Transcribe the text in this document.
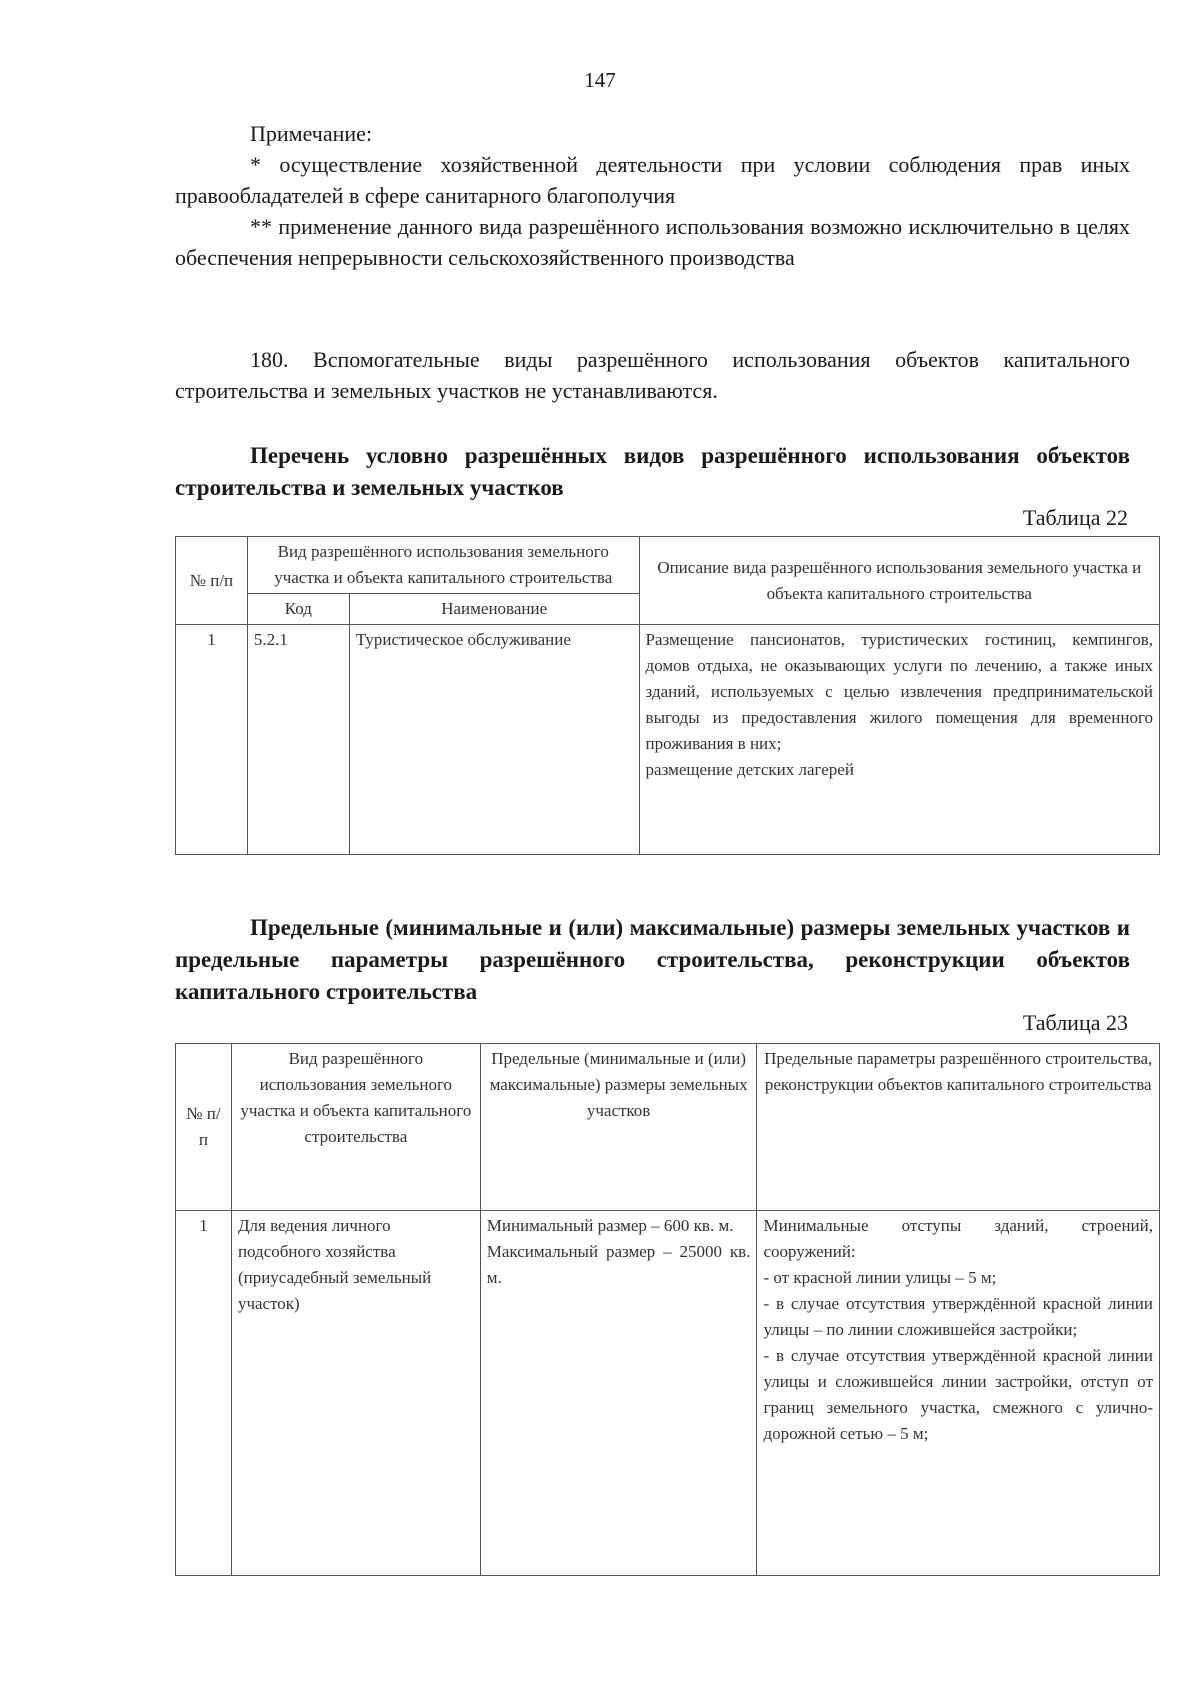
147
Примечание:
* осуществление хозяйственной деятельности при условии соблюдения прав иных правообладателей в сфере санитарного благополучия
** применение данного вида разрешённого использования возможно исключительно в целях обеспечения непрерывности сельскохозяйственного производства
180. Вспомогательные виды разрешённого использования объектов капитального строительства и земельных участков не устанавливаются.
Перечень условно разрешённых видов разрешённого использования объектов строительства и земельных участков
Таблица 22
№ п/п	Вид разрешённого использования земельного участка и объекта капитального строительства		Описание вида разрешённого использования земельного участка и объекта капитального строительства
	Код	Наименование	
1	5.2.1	Туристическое обслуживание	Размещение пансионатов, туристических гостиниц, кемпингов, домов отдыха, не оказывающих услуги по лечению, а также иных зданий, используемых с целью извлечения предпринимательской выгоды из предоставления жилого помещения для временного проживания в них;
размещение детских лагерей
Предельные (минимальные и (или) максимальные) размеры земельных участков и предельные параметры разрешённого строительства, реконструкции объектов капитального строительства
Таблица 23
№ п/п	Вид разрешённого использования земельного участка и объекта капитального строительства	Предельные (минимальные и (или) максимальные) размеры земельных участков	Предельные параметры разрешённого строительства, реконструкции объектов капитального строительства
1	Для ведения личного подсобного хозяйства (приусадебный земельный участок)	Минимальный размер – 600 кв. м.
Максимальный размер – 25000 кв. м.	Минимальные отступы зданий, строений, сооружений:
- от красной линии улицы – 5 м;
- в случае отсутствия утверждённой красной линии улицы – по линии сложившейся застройки;
- в случае отсутствия утверждённой красной линии улицы и сложившейся линии застройки, отступ от границ земельного участка, смежного с улично-дорожной сетью – 5 м;
